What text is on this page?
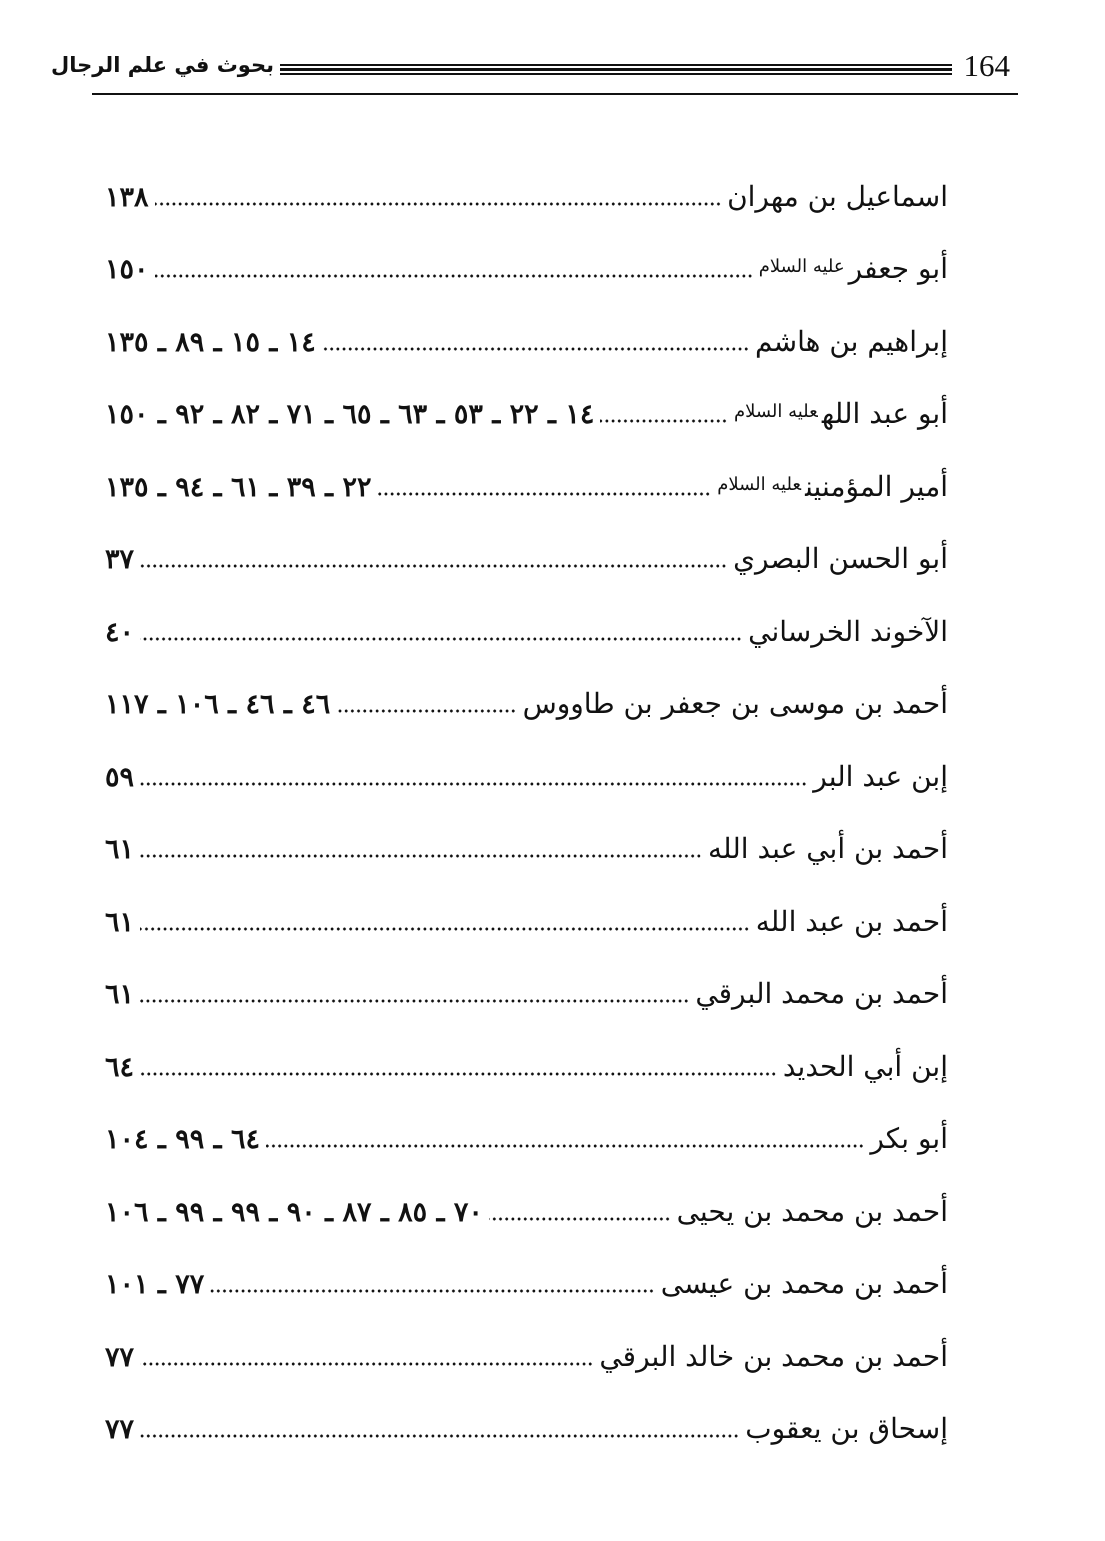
164
بحوث في علم الرجال
اسماعيل بن مهران
١٣٨
أبو جعفر$^{عليه السلام}$
١٥٠
إبراهيم بن هاشم
١٤ ـ ١٥ ـ ٨٩ ـ ١٣٥
أبو عبد الله$^{عليه السلام}$
١٤ ـ ٢٢ ـ ٥٣ ـ ٦٣ ـ ٦٥ ـ ٧١ ـ ٨٢ ـ ٩٢ ـ ١٥٠
أمير المؤمنين$^{عليه السلام}$
٢٢ ـ ٣٩ ـ ٦١ ـ ٩٤ ـ ١٣٥
أبو الحسن البصري
٣٧
الآخوند الخرساني
٤٠
أحمد بن موسى بن جعفر بن طاووس
٤٦ ـ ٤٦ ـ ١٠٦ ـ ١١٧
إبن عبد البر
٥٩
أحمد بن أبي عبد الله
٦١
أحمد بن عبد الله
٦١
أحمد بن محمد البرقي
٦١
إبن أبي الحديد
٦٤
أبو بكر
٦٤ ـ ٩٩ ـ ١٠٤
أحمد بن محمد بن يحيى
٧٠ ـ ٨٥ ـ ٨٧ ـ ٩٠ ـ ٩٩ ـ ٩٩ ـ ١٠٦
أحمد بن محمد بن عيسى
٧٧ ـ ١٠١
أحمد بن محمد بن خالد البرقي
٧٧
إسحاق بن يعقوب
٧٧
